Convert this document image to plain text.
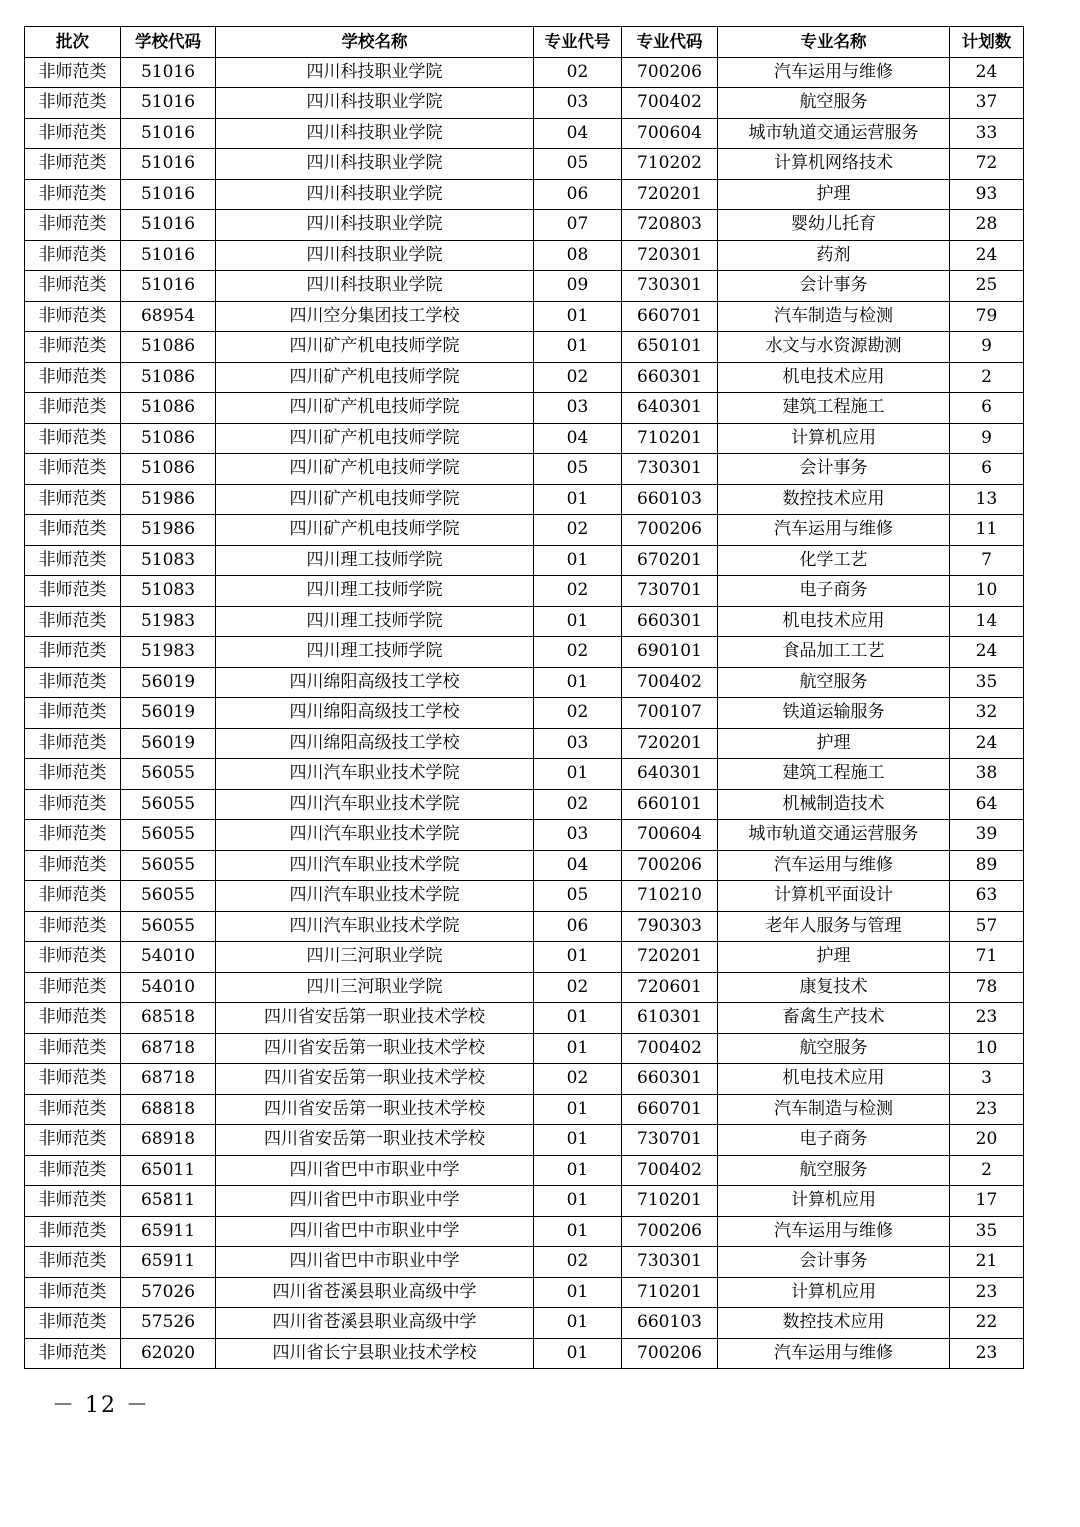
批次	学校代码	学校名称	专业代号	专业代码	专业名称	计划数
非师范类	51016	四川科技职业学院	02	700206	汽车运用与维修	24
非师范类	51016	四川科技职业学院	03	700402	航空服务	37
非师范类	51016	四川科技职业学院	04	700604	城市轨道交通运营服务	33
非师范类	51016	四川科技职业学院	05	710202	计算机网络技术	72
非师范类	51016	四川科技职业学院	06	720201	护理	93
非师范类	51016	四川科技职业学院	07	720803	婴幼儿托育	28
非师范类	51016	四川科技职业学院	08	720301	药剂	24
非师范类	51016	四川科技职业学院	09	730301	会计事务	25
非师范类	68954	四川空分集团技工学校	01	660701	汽车制造与检测	79
非师范类	51086	四川矿产机电技师学院	01	650101	水文与水资源勘测	9
非师范类	51086	四川矿产机电技师学院	02	660301	机电技术应用	2
非师范类	51086	四川矿产机电技师学院	03	640301	建筑工程施工	6
非师范类	51086	四川矿产机电技师学院	04	710201	计算机应用	9
非师范类	51086	四川矿产机电技师学院	05	730301	会计事务	6
非师范类	51986	四川矿产机电技师学院	01	660103	数控技术应用	13
非师范类	51986	四川矿产机电技师学院	02	700206	汽车运用与维修	11
非师范类	51083	四川理工技师学院	01	670201	化学工艺	7
非师范类	51083	四川理工技师学院	02	730701	电子商务	10
非师范类	51983	四川理工技师学院	01	660301	机电技术应用	14
非师范类	51983	四川理工技师学院	02	690101	食品加工工艺	24
非师范类	56019	四川绵阳高级技工学校	01	700402	航空服务	35
非师范类	56019	四川绵阳高级技工学校	02	700107	铁道运输服务	32
非师范类	56019	四川绵阳高级技工学校	03	720201	护理	24
非师范类	56055	四川汽车职业技术学院	01	640301	建筑工程施工	38
非师范类	56055	四川汽车职业技术学院	02	660101	机械制造技术	64
非师范类	56055	四川汽车职业技术学院	03	700604	城市轨道交通运营服务	39
非师范类	56055	四川汽车职业技术学院	04	700206	汽车运用与维修	89
非师范类	56055	四川汽车职业技术学院	05	710210	计算机平面设计	63
非师范类	56055	四川汽车职业技术学院	06	790303	老年人服务与管理	57
非师范类	54010	四川三河职业学院	01	720201	护理	71
非师范类	54010	四川三河职业学院	02	720601	康复技术	78
非师范类	68518	四川省安岳第一职业技术学校	01	610301	畜禽生产技术	23
非师范类	68718	四川省安岳第一职业技术学校	01	700402	航空服务	10
非师范类	68718	四川省安岳第一职业技术学校	02	660301	机电技术应用	3
非师范类	68818	四川省安岳第一职业技术学校	01	660701	汽车制造与检测	23
非师范类	68918	四川省安岳第一职业技术学校	01	730701	电子商务	20
非师范类	65011	四川省巴中市职业中学	01	700402	航空服务	2
非师范类	65811	四川省巴中市职业中学	01	710201	计算机应用	17
非师范类	65911	四川省巴中市职业中学	01	700206	汽车运用与维修	35
非师范类	65911	四川省巴中市职业中学	02	730301	会计事务	21
非师范类	57026	四川省苍溪县职业高级中学	01	710201	计算机应用	23
非师范类	57526	四川省苍溪县职业高级中学	01	660103	数控技术应用	22
非师范类	62020	四川省长宁县职业技术学校	01	700206	汽车运用与维修	23
－ 12 －
